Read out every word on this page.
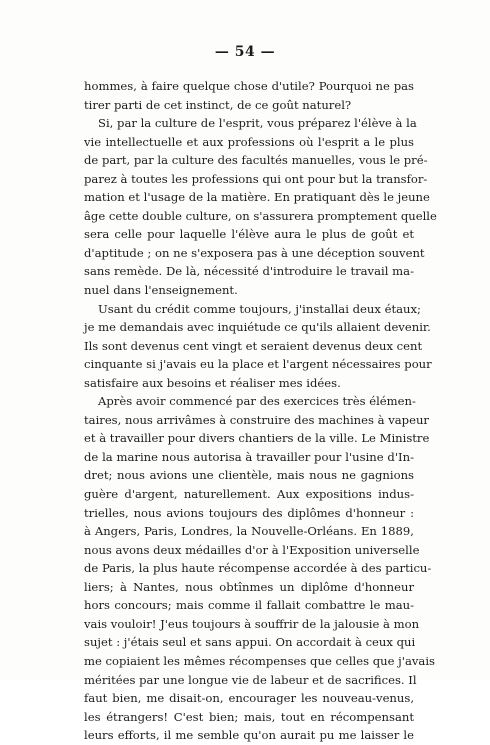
— 54 —
hommes, à faire quelque chose d'utile? Pourquoi ne pas
tirer parti de cet instinct, de ce goût naturel?
Si, par la culture de l'esprit, vous préparez l'élève à la
vie intellectuelle et aux professions où l'esprit a le plus
de part, par la culture des facultés manuelles, vous le pré-
parez à toutes les professions qui ont pour but la transfor-
mation et l'usage de la matière. En pratiquant dès le jeune
âge cette double culture, on s'assurera promptement quelle
sera celle pour laquelle l'élève aura le plus de goût et
d'aptitude ; on ne s'exposera pas à une déception souvent
sans remède. De là, nécessité d'introduire le travail ma-
nuel dans l'enseignement.
Usant du crédit comme toujours, j'installai deux étaux;
je me demandais avec inquiétude ce qu'ils allaient devenir.
Ils sont devenus cent vingt et seraient devenus deux cent
cinquante si j'avais eu la place et l'argent nécessaires pour
satisfaire aux besoins et réaliser mes idées.
Après avoir commencé par des exercices très élémen-
taires, nous arrivâmes à construire des machines à vapeur
et à travailler pour divers chantiers de la ville. Le Ministre
de la marine nous autorisa à travailler pour l'usine d'In-
dret; nous avions une clientèle, mais nous ne gagnions
guère d'argent, naturellement. Aux expositions indus-
trielles, nous avions toujours des diplômes d'honneur :
à Angers, Paris, Londres, la Nouvelle-Orléans. En 1889,
nous avons deux médailles d'or à l'Exposition universelle
de Paris, la plus haute récompense accordée à des particu-
liers; à Nantes, nous obtînmes un diplôme d'honneur
hors concours; mais comme il fallait combattre le mau-
vais vouloir! J'eus toujours à souffrir de la jalousie à mon
sujet : j'étais seul et sans appui. On accordait à ceux qui
me copiaient les mêmes récompenses que celles que j'avais
méritées par une longue vie de labeur et de sacrifices. Il
faut bien, me disait-on, encourager les nouveau-venus,
les étrangers! C'est bien; mais, tout en récompensant
leurs efforts, il me semble qu'on aurait pu me laisser le
